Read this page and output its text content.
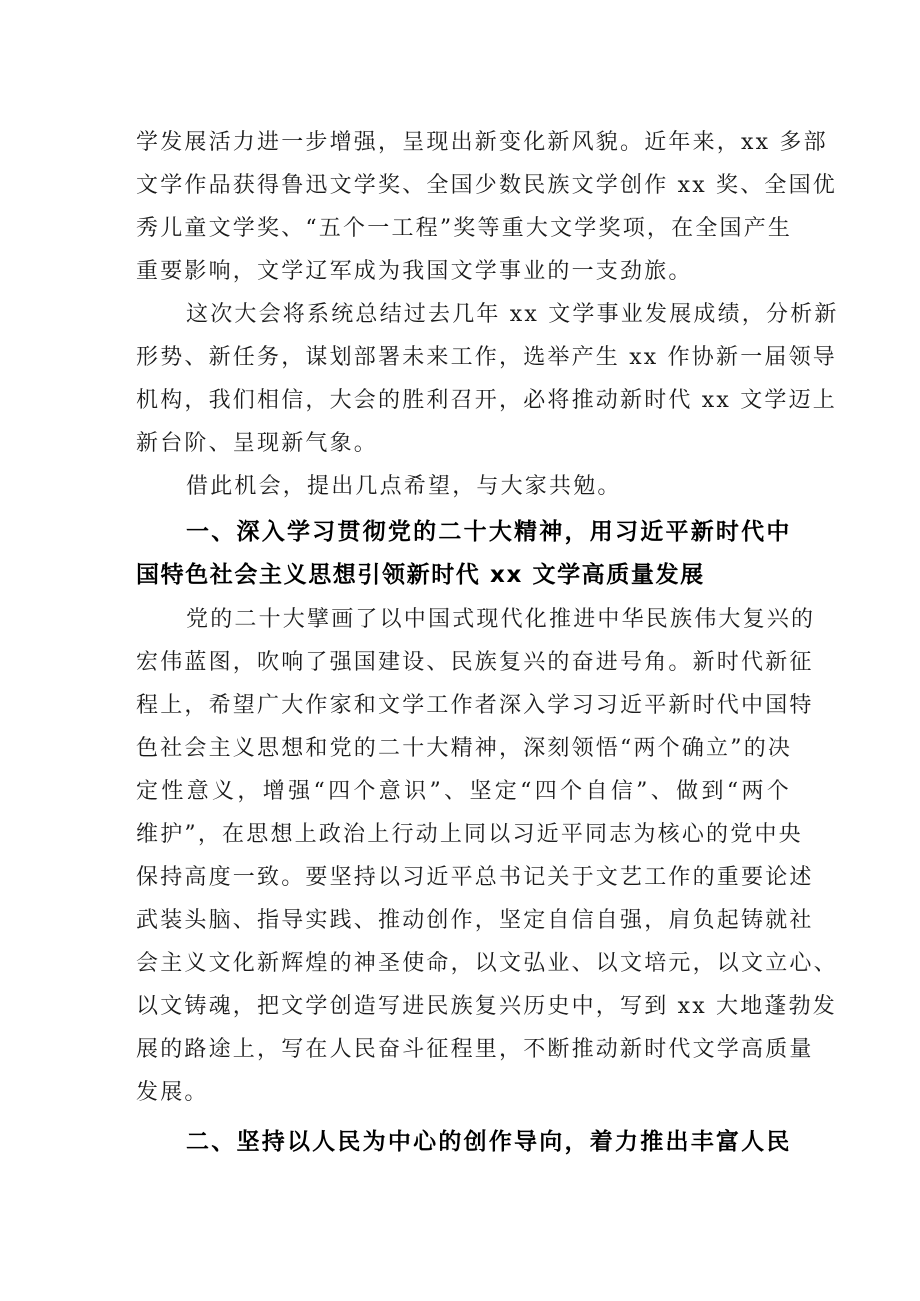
学发展活力进一步增强，呈现出新变化新风貌。近年来，xx 多部
文学作品获得鲁迅文学奖、全国少数民族文学创作 xx 奖、全国优
秀儿童文学奖、“五个一工程”奖等重大文学奖项，在全国产生
重要影响，文学辽军成为我国文学事业的一支劲旅。
这次大会将系统总结过去几年 xx 文学事业发展成绩，分析新
形势、新任务，谋划部署未来工作，选举产生 xx 作协新一届领导
机构，我们相信，大会的胜利召开，必将推动新时代 xx 文学迈上
新台阶、呈现新气象。
借此机会，提出几点希望，与大家共勉。
一、深入学习贯彻党的二十大精神，用习近平新时代中
国特色社会主义思想引领新时代 xx 文学高质量发展
党的二十大擘画了以中国式现代化推进中华民族伟大复兴的
宏伟蓝图，吹响了强国建设、民族复兴的奋进号角。新时代新征
程上，希望广大作家和文学工作者深入学习习近平新时代中国特
色社会主义思想和党的二十大精神，深刻领悟“两个确立”的决
定性意义，增强“四个意识”、坚定“四个自信”、做到“两个
维护”，在思想上政治上行动上同以习近平同志为核心的党中央
保持高度一致。要坚持以习近平总书记关于文艺工作的重要论述
武装头脑、指导实践、推动创作，坚定自信自强，肩负起铸就社
会主义文化新辉煌的神圣使命，以文弘业、以文培元，以文立心、
以文铸魂，把文学创造写进民族复兴历史中，写到 xx 大地蓬勃发
展的路途上，写在人民奋斗征程里，不断推动新时代文学高质量
发展。
二、坚持以人民为中心的创作导向，着力推出丰富人民
